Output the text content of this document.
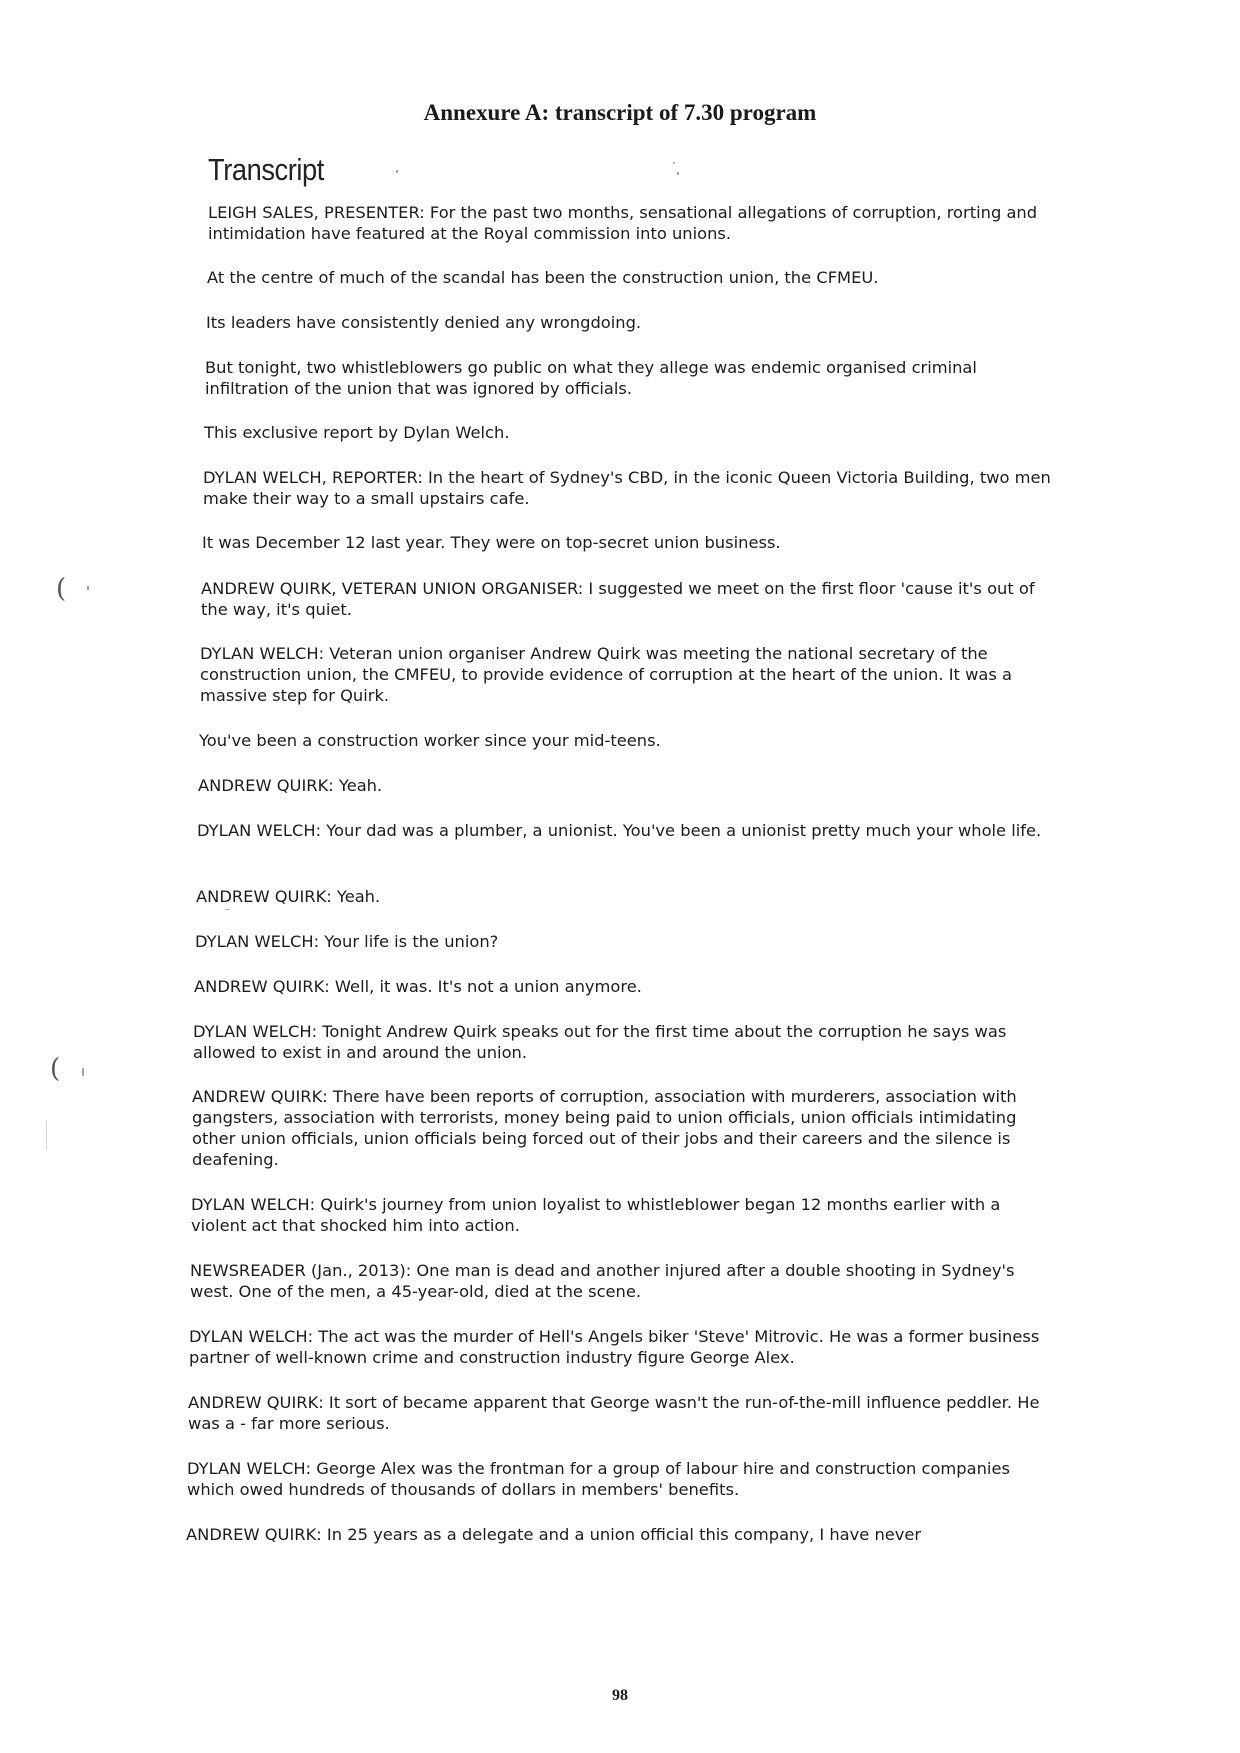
Annexure A: transcript of 7.30 program
Transcript

LEIGH SALES, PRESENTER: For the past two months, sensational allegations of corruption, rorting and intimidation have featured at the Royal commission into unions.

At the centre of much of the scandal has been the construction union, the CFMEU.

Its leaders have consistently denied any wrongdoing.

But tonight, two whistleblowers go public on what they allege was endemic organised criminal infiltration of the union that was ignored by officials.

This exclusive report by Dylan Welch.

DYLAN WELCH, REPORTER: In the heart of Sydney's CBD, in the iconic Queen Victoria Building, two men make their way to a small upstairs cafe.

It was December 12 last year. They were on top-secret union business.

ANDREW QUIRK, VETERAN UNION ORGANISER: I suggested we meet on the first floor 'cause it's out of the way, it's quiet.

DYLAN WELCH: Veteran union organiser Andrew Quirk was meeting the national secretary of the construction union, the CMFEU, to provide evidence of corruption at the heart of the union. It was a massive step for Quirk.

You've been a construction worker since your mid-teens.

ANDREW QUIRK: Yeah.

DYLAN WELCH: Your dad was a plumber, a unionist. You've been a unionist pretty much your whole life.

ANDREW QUIRK: Yeah.

DYLAN WELCH: Your life is the union?

ANDREW QUIRK: Well, it was. It's not a union anymore.

DYLAN WELCH: Tonight Andrew Quirk speaks out for the first time about the corruption he says was allowed to exist in and around the union.

ANDREW QUIRK: There have been reports of corruption, association with murderers, association with gangsters, association with terrorists, money being paid to union officials, union officials intimidating other union officials, union officials being forced out of their jobs and their careers and the silence is deafening.

DYLAN WELCH: Quirk's journey from union loyalist to whistleblower began 12 months earlier with a violent act that shocked him into action.

NEWSREADER (Jan., 2013): One man is dead and another injured after a double shooting in Sydney's west. One of the men, a 45-year-old, died at the scene.

DYLAN WELCH: The act was the murder of Hell's Angels biker 'Steve' Mitrovic. He was a former business partner of well-known crime and construction industry figure George Alex.

ANDREW QUIRK: It sort of became apparent that George wasn't the run-of-the-mill influence peddler. He was a - far more serious.

DYLAN WELCH: George Alex was the frontman for a group of labour hire and construction companies which owed hundreds of thousands of dollars in members' benefits.

ANDREW QUIRK: In 25 years as a delegate and a union official this company, I have never

(
(
98
